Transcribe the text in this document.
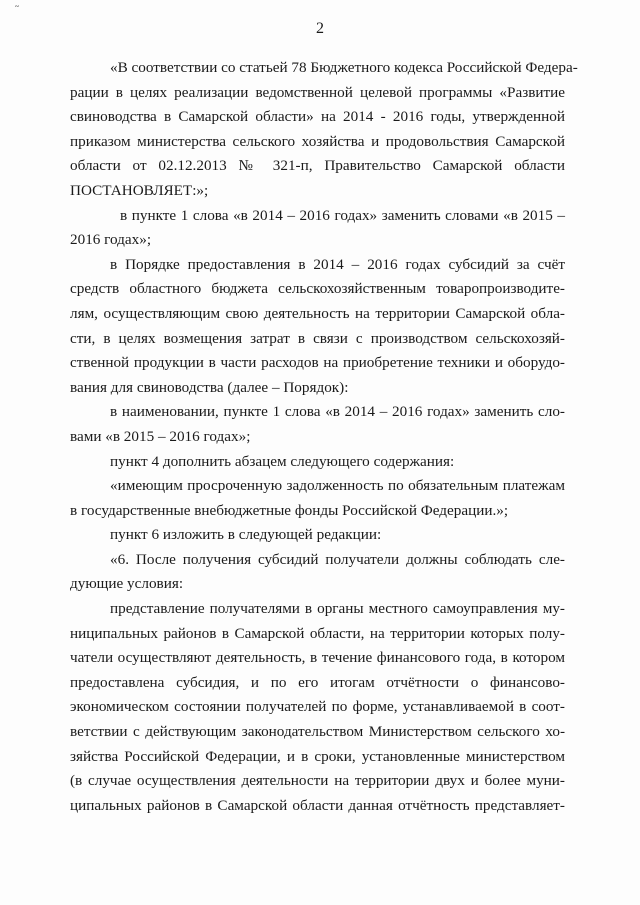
˜
2
«В соответствии со статьей 78 Бюджетного кодекса Российской Федера-
рации в целях реализации ведомственной целевой программы «Развитие
свиноводства в Самарской области» на 2014 - 2016 годы, утвержденной
приказом министерства сельского хозяйства и продовольствия Самарской
области от 02.12.2013 № 321-п, Правительство Самарской области
ПОСТАНОВЛЯЕТ:»;
в пункте 1 слова «в 2014 – 2016 годах» заменить словами «в 2015 –
2016 годах»;
в Порядке предоставления в 2014 – 2016 годах субсидий за счёт
средств областного бюджета сельскохозяйственным товаропроизводите-
лям, осуществляющим свою деятельность на территории Самарской обла-
сти, в целях возмещения затрат в связи с производством сельскохозяй-
ственной продукции в части расходов на приобретение техники и оборудо-
вания для свиноводства (далее – Порядок):
в наименовании, пункте 1 слова «в 2014 – 2016 годах» заменить сло-
вами «в 2015 – 2016 годах»;
пункт 4 дополнить абзацем следующего содержания:
«имеющим просроченную задолженность по обязательным платежам
в государственные внебюджетные фонды Российской Федерации.»;
пункт 6 изложить в следующей редакции:
«6. После получения субсидий получатели должны соблюдать сле-
дующие условия:
представление получателями в органы местного самоуправления му-
ниципальных районов в Самарской области, на территории которых полу-
чатели осуществляют деятельность, в течение финансового года, в котором
предоставлена субсидия, и по его итогам отчётности о финансово-
экономическом состоянии получателей по форме, устанавливаемой в соот-
ветствии с действующим законодательством Министерством сельского хо-
зяйства Российской Федерации, и в сроки, установленные министерством
(в случае осуществления деятельности на территории двух и более муни-
ципальных районов в Самарской области данная отчётность представляет-
